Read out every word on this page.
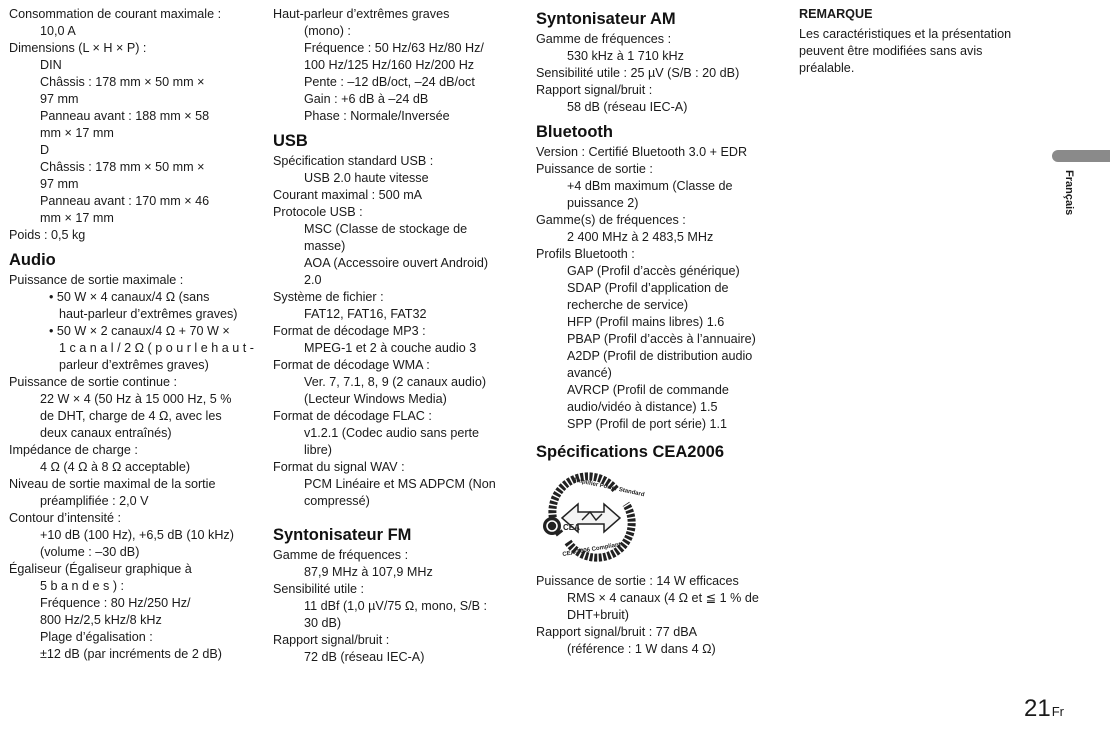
Consommation de courant maximale :
10,0 A
Dimensions (L × H × P) :
DIN
Châssis : 178 mm × 50 mm ×
97 mm
Panneau avant : 188 mm × 58
mm × 17 mm
D
Châssis : 178 mm × 50 mm ×
97 mm
Panneau avant : 170 mm × 46
mm × 17 mm
Poids : 0,5 kg
Audio
Puissance de sortie maximale :
• 50 W × 4 canaux/4 Ω (sans
haut-parleur d’extrêmes graves)
• 50 W × 2 canaux/4 Ω + 70 W ×
1 c a n a l / 2 Ω ( p o u r l e h a u t -
parleur d’extrêmes graves)
Puissance de sortie continue :
22 W × 4 (50 Hz à 15 000 Hz, 5 %
de DHT, charge de 4 Ω, avec les
deux canaux entraînés)
Impédance de charge :
4 Ω (4 Ω à 8 Ω acceptable)
Niveau de sortie maximal de la sortie
préamplifiée : 2,0 V
Contour d’intensité :
+10 dB (100 Hz), +6,5 dB (10 kHz)
(volume : –30 dB)
Égaliseur (Égaliseur graphique à
5 b a n d e s ) :
Fréquence : 80 Hz/250 Hz/
800 Hz/2,5 kHz/8 kHz
Plage d’égalisation :
±12 dB (par incréments de 2 dB)
Haut-parleur d’extrêmes graves
(mono) :
Fréquence : 50 Hz/63 Hz/80 Hz/
100 Hz/125 Hz/160 Hz/200 Hz
Pente : –12 dB/oct, –24 dB/oct
Gain : +6 dB à –24 dB
Phase : Normale/Inversée
USB
Spécification standard USB :
USB 2.0 haute vitesse
Courant maximal : 500 mA
Protocole USB :
MSC (Classe de stockage de
masse)
AOA (Accessoire ouvert Android)
2.0
Système de fichier :
FAT12, FAT16, FAT32
Format de décodage MP3 :
MPEG-1 et 2 à couche audio 3
Format de décodage WMA :
Ver. 7, 7.1, 8, 9 (2 canaux audio)
(Lecteur Windows Media)
Format de décodage FLAC :
v1.2.1 (Codec audio sans perte
libre)
Format du signal WAV :
PCM Linéaire et MS ADPCM (Non
compressé)
Syntonisateur FM
Gamme de fréquences :
87,9 MHz à 107,9 MHz
Sensibilité utile :
11 dBf (1,0 µV/75 Ω, mono, S/B :
30 dB)
Rapport signal/bruit :
72 dB (réseau IEC-A)
Syntonisateur AM
Gamme de fréquences :
530 kHz à 1 710 kHz
Sensibilité utile : 25 µV (S/B : 20 dB)
Rapport signal/bruit :
58 dB (réseau IEC-A)
Bluetooth
Version : Certifié Bluetooth 3.0 + EDR
Puissance de sortie :
+4 dBm maximum (Classe de
puissance 2)
Gamme(s) de fréquences :
2 400 MHz à 2 483,5 MHz
Profils Bluetooth :
GAP (Profil d’accès générique)
SDAP (Profil d’application de
recherche de service)
HFP (Profil mains libres) 1.6
PBAP (Profil d’accès à l’annuaire)
A2DP (Profil de distribution audio
avancé)
AVRCP (Profil de commande
audio/vidéo à distance) 1.5
SPP (Profil de port série) 1.1
Spécifications CEA2006
CEA
Amplifier Power Standard
CEA-2006 Compliant
Puissance de sortie : 14 W efficaces
RMS × 4 canaux (4 Ω et ≦ 1 % de
DHT+bruit)
Rapport signal/bruit : 77 dBA
(référence : 1 W dans 4 Ω)
REMARQUE
Les caractéristiques et la présentation
peuvent être modifiées sans avis
préalable.
Français
21Fr
